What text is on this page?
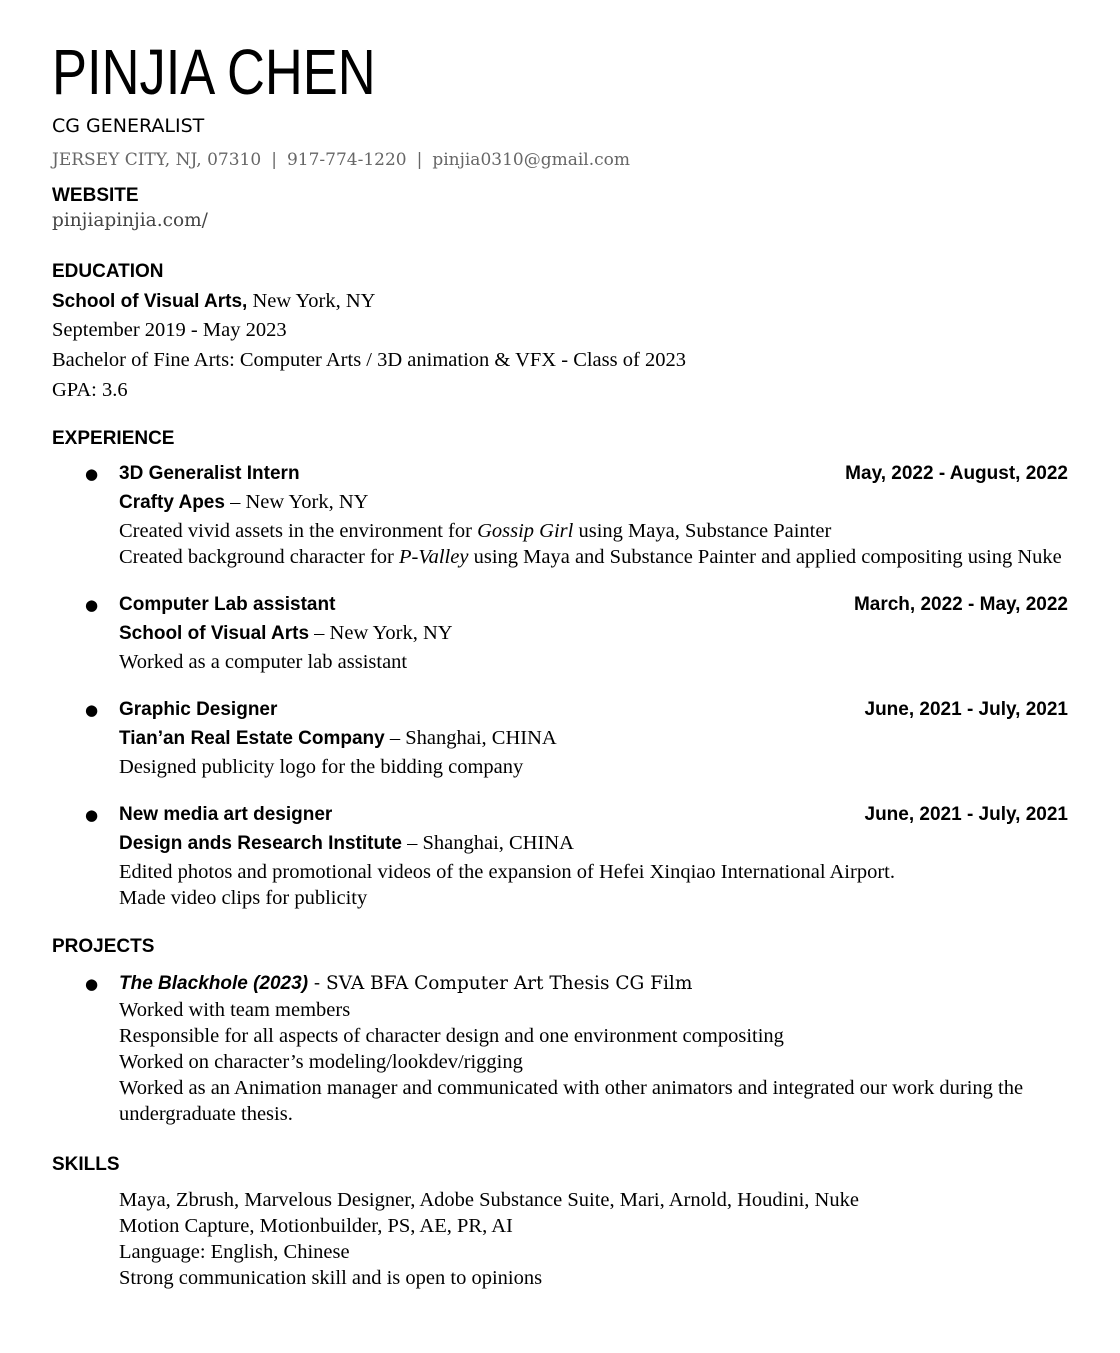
PINJIA CHEN
CG GENERALIST
JERSEY CITY, NJ, 07310 | 917-774-1220 | pinjia0310@gmail.com
WEBSITE
pinjiapinjia.com/
EDUCATION
School of Visual Arts, New York, NY
September 2019 - May 2023
Bachelor of Fine Arts: Computer Arts / 3D animation & VFX - Class of 2023
GPA: 3.6
EXPERIENCE
● 3D Generalist Intern	May, 2022 - August, 2022
Crafty Apes – New York, NY
Created vivid assets in the environment for Gossip Girl using Maya, Substance Painter
Created background character for P-Valley using Maya and Substance Painter and applied compositing using Nuke
● Computer Lab assistant	March, 2022 - May, 2022
School of Visual Arts – New York, NY
Worked as a computer lab assistant
● Graphic Designer	June, 2021 - July, 2021
Tian’an Real Estate Company – Shanghai, CHINA
Designed publicity logo for the bidding company
● New media art designer	June, 2021 - July, 2021
Design ands Research Institute – Shanghai, CHINA
Edited photos and promotional videos of the expansion of Hefei Xinqiao International Airport.
Made video clips for publicity
PROJECTS
● The Blackhole (2023) - SVA BFA Computer Art Thesis CG Film
Worked with team members
Responsible for all aspects of character design and one environment compositing
Worked on character’s modeling/lookdev/rigging
Worked as an Animation manager and communicated with other animators and integrated our work during the undergraduate thesis.
SKILLS
Maya, Zbrush, Marvelous Designer, Adobe Substance Suite, Mari, Arnold, Houdini, Nuke
Motion Capture, Motionbuilder, PS, AE, PR, AI
Language: English, Chinese
Strong communication skill and is open to opinions
